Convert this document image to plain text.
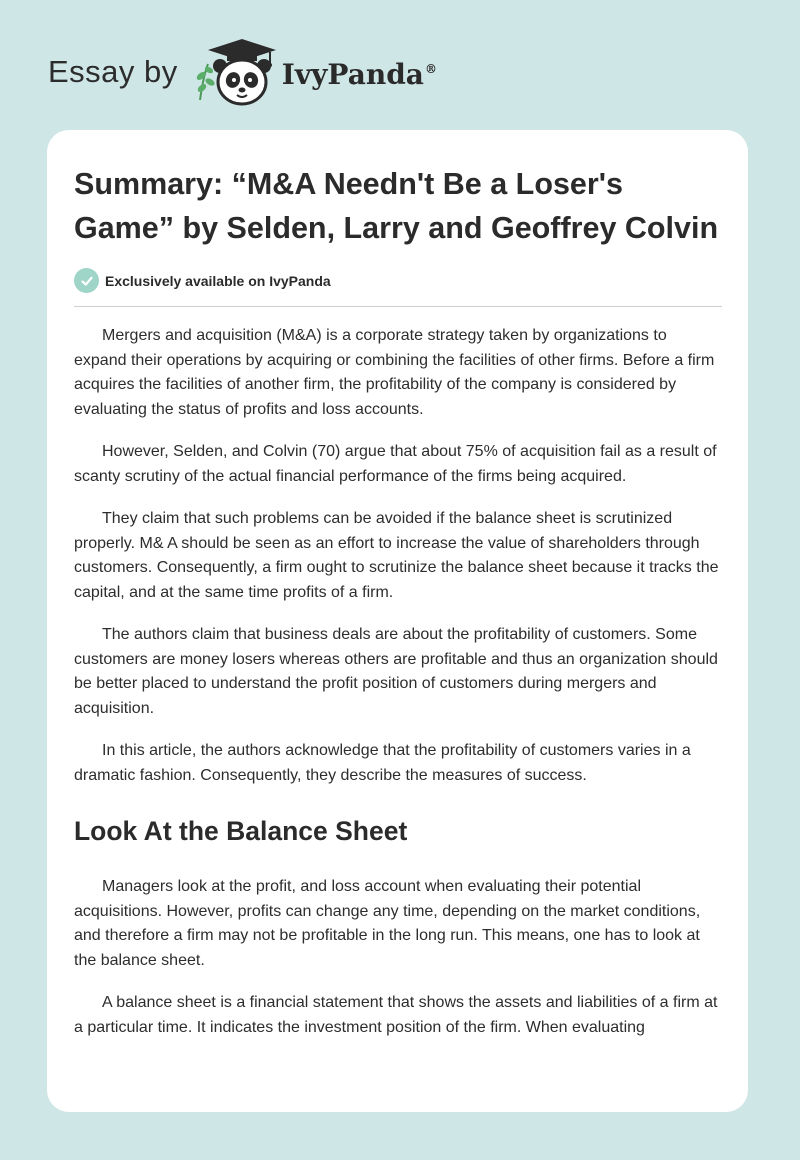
Essay by	IvyPanda®
Summary: “M&A Needn't Be a Loser's Game” by Selden, Larry and Geoffrey Colvin
Exclusively available on IvyPanda

Mergers and acquisition (M&A) is a corporate strategy taken by organizations to expand their operations by acquiring or combining the facilities of other firms. Before a firm acquires the facilities of another firm, the profitability of the company is considered by evaluating the status of profits and loss accounts.

However, Selden, and Colvin (70) argue that about 75% of acquisition fail as a result of scanty scrutiny of the actual financial performance of the firms being acquired.

They claim that such problems can be avoided if the balance sheet is scrutinized properly. M& A should be seen as an effort to increase the value of shareholders through customers. Consequently, a firm ought to scrutinize the balance sheet because it tracks the capital, and at the same time profits of a firm.

The authors claim that business deals are about the profitability of customers. Some customers are money losers whereas others are profitable and thus an organization should be better placed to understand the profit position of customers during mergers and acquisition.

In this article, the authors acknowledge that the profitability of customers varies in a dramatic fashion. Consequently, they describe the measures of success.

Look At the Balance Sheet

Managers look at the profit, and loss account when evaluating their potential acquisitions. However, profits can change any time, depending on the market conditions, and therefore a firm may not be profitable in the long run. This means, one has to look at the balance sheet.

A balance sheet is a financial statement that shows the assets and liabilities of a firm at a particular time. It indicates the investment position of the firm. When evaluating
